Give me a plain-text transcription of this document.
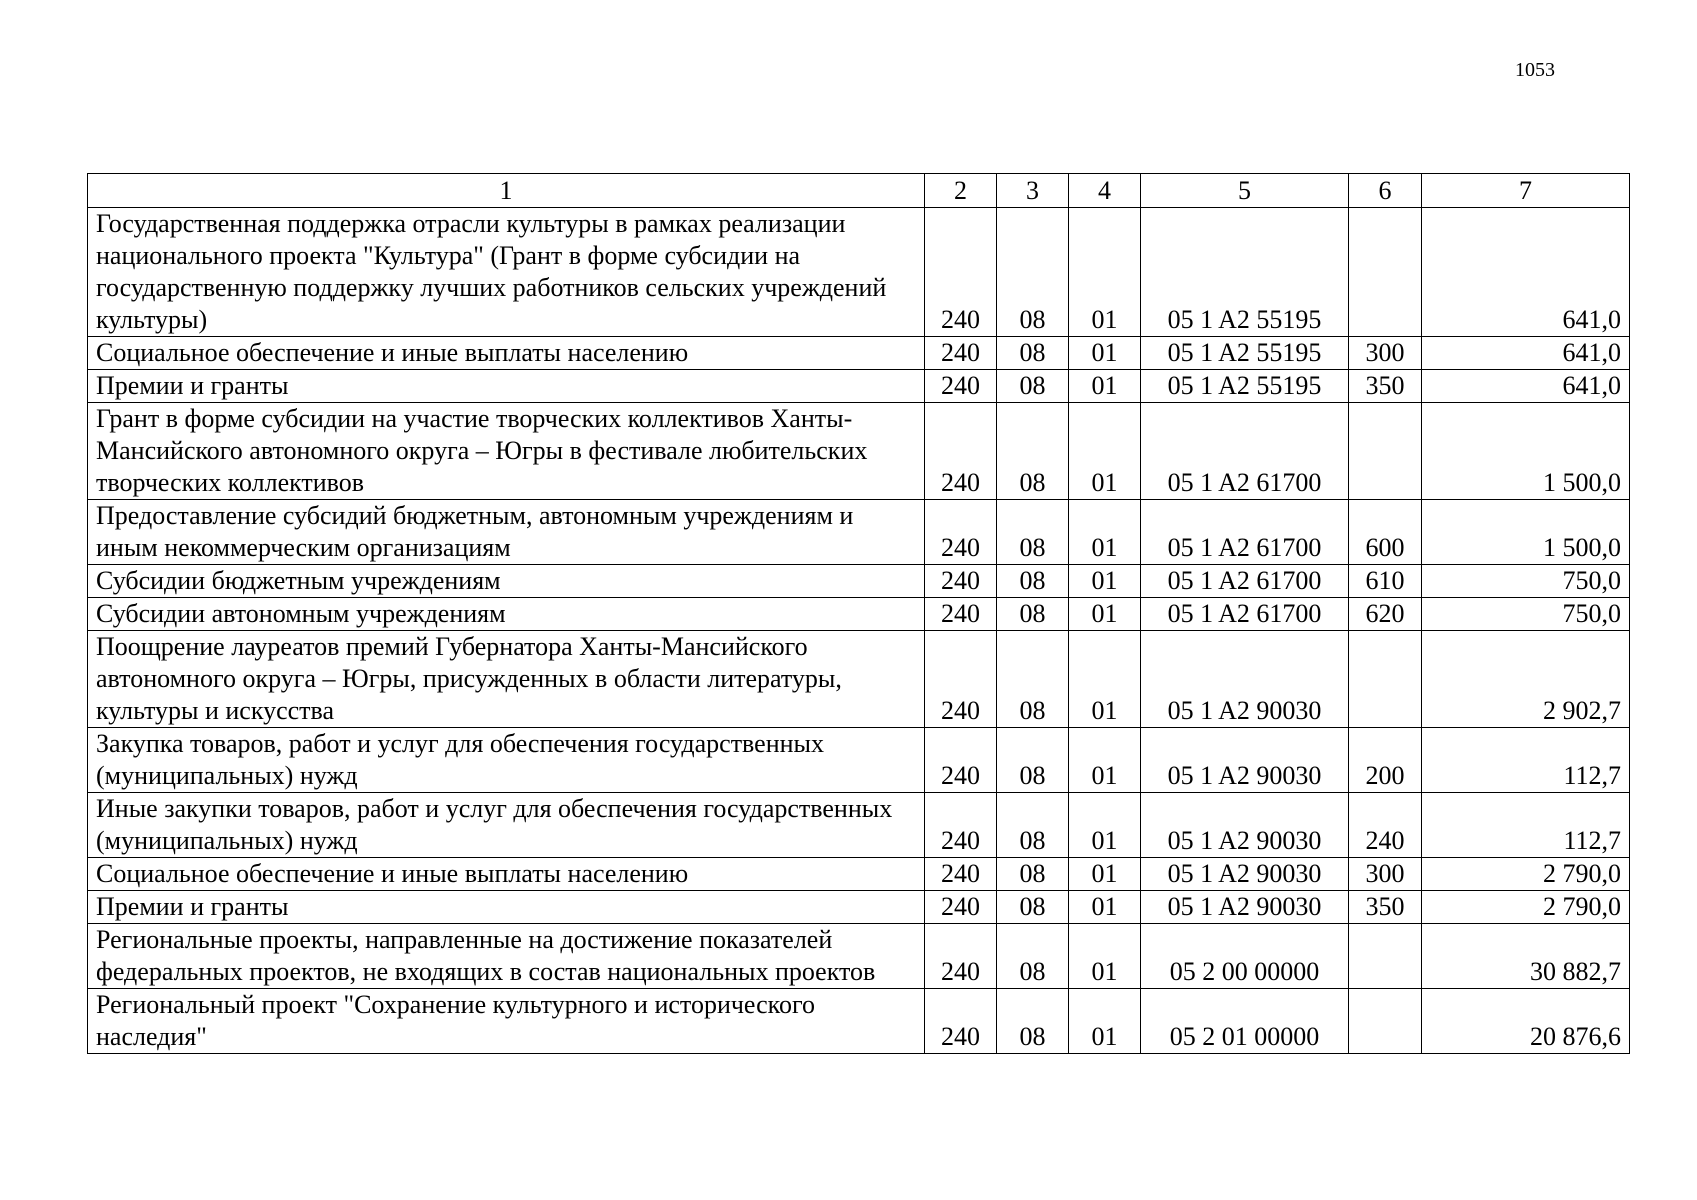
1053
1	2	3	4	5	6	7
Государственная поддержка отрасли культуры в рамках реализации национального проекта "Культура" (Грант в форме субсидии на государственную поддержку лучших работников сельских учреждений культуры)	240	08	01	05 1 A2 55195		641,0
Социальное обеспечение и иные выплаты населению	240	08	01	05 1 A2 55195	300	641,0
Премии и гранты	240	08	01	05 1 A2 55195	350	641,0
Грант в форме субсидии на участие творческих коллективов Ханты-Мансийского автономного округа – Югры в фестивале любительских творческих коллективов	240	08	01	05 1 A2 61700		1 500,0
Предоставление субсидий бюджетным, автономным учреждениям и иным некоммерческим организациям	240	08	01	05 1 A2 61700	600	1 500,0
Субсидии бюджетным учреждениям	240	08	01	05 1 A2 61700	610	750,0
Субсидии автономным учреждениям	240	08	01	05 1 A2 61700	620	750,0
Поощрение лауреатов премий Губернатора Ханты-Мансийского автономного округа – Югры, присужденных в области литературы, культуры и искусства	240	08	01	05 1 A2 90030		2 902,7
Закупка товаров, работ и услуг для обеспечения государственных (муниципальных) нужд	240	08	01	05 1 A2 90030	200	112,7
Иные закупки товаров, работ и услуг для обеспечения государственных (муниципальных) нужд	240	08	01	05 1 A2 90030	240	112,7
Социальное обеспечение и иные выплаты населению	240	08	01	05 1 A2 90030	300	2 790,0
Премии и гранты	240	08	01	05 1 A2 90030	350	2 790,0
Региональные проекты, направленные на достижение показателей федеральных проектов, не входящих в состав национальных проектов	240	08	01	05 2 00 00000		30 882,7
Региональный проект "Сохранение культурного и исторического наследия"	240	08	01	05 2 01 00000		20 876,6
